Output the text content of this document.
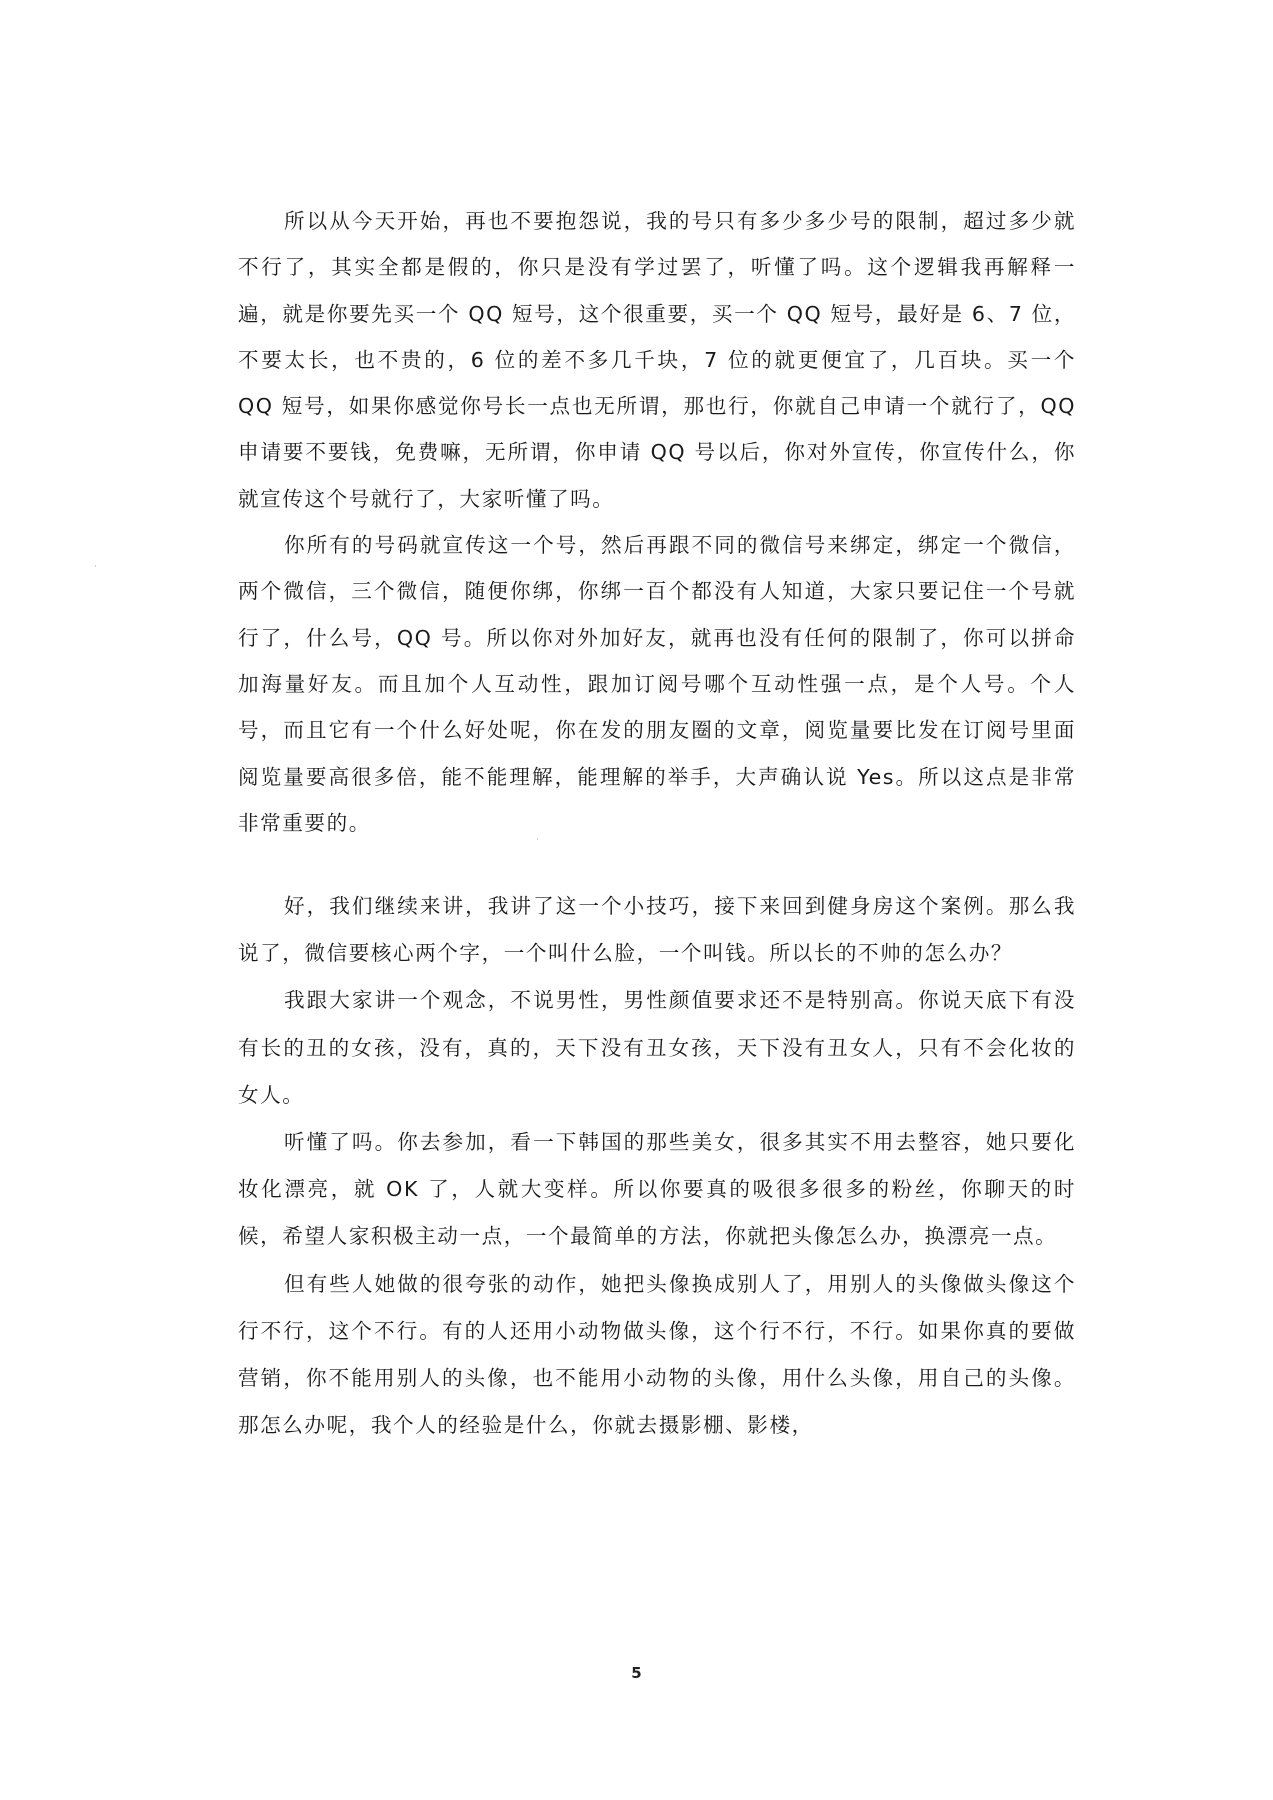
所以从今天开始，再也不要抱怨说，我的号只有多少多少号的限制，超过多少就不行了，其实全都是假的，你只是没有学过罢了，听懂了吗。这个逻辑我再解释一遍，就是你要先买一个 QQ 短号，这个很重要，买一个 QQ 短号，最好是 6、7 位，不要太长，也不贵的，6 位的差不多几千块，7 位的就更便宜了，几百块。买一个 QQ 短号，如果你感觉你号长一点也无所谓，那也行，你就自己申请一个就行了，QQ 申请要不要钱，免费嘛，无所谓，你申请 QQ 号以后，你对外宣传，你宣传什么，你就宣传这个号就行了，大家听懂了吗。

你所有的号码就宣传这一个号，然后再跟不同的微信号来绑定，绑定一个微信，两个微信，三个微信，随便你绑，你绑一百个都没有人知道，大家只要记住一个号就行了，什么号，QQ 号。所以你对外加好友，就再也没有任何的限制了，你可以拼命加海量好友。而且加个人互动性，跟加订阅号哪个互动性强一点，是个人号。个人号，而且它有一个什么好处呢，你在发的朋友圈的文章，阅览量要比发在订阅号里面阅览量要高很多倍，能不能理解，能理解的举手，大声确认说 Yes。所以这点是非常非常重要的。

好，我们继续来讲，我讲了这一个小技巧，接下来回到健身房这个案例。那么我说了，微信要核心两个字，一个叫什么脸，一个叫钱。所以长的不帅的怎么办？

我跟大家讲一个观念，不说男性，男性颜值要求还不是特别高。你说天底下有没有长的丑的女孩，没有，真的，天下没有丑女孩，天下没有丑女人，只有不会化妆的女人。

听懂了吗。你去参加，看一下韩国的那些美女，很多其实不用去整容，她只要化妆化漂亮，就 OK 了，人就大变样。所以你要真的吸很多很多的粉丝，你聊天的时候，希望人家积极主动一点，一个最简单的方法，你就把头像怎么办，换漂亮一点。

但有些人她做的很夸张的动作，她把头像换成别人了，用别人的头像做头像这个行不行，这个不行。有的人还用小动物做头像，这个行不行，不行。如果你真的要做营销，你不能用别人的头像，也不能用小动物的头像，用什么头像，用自己的头像。那怎么办呢，我个人的经验是什么，你就去摄影棚、影楼，

5
